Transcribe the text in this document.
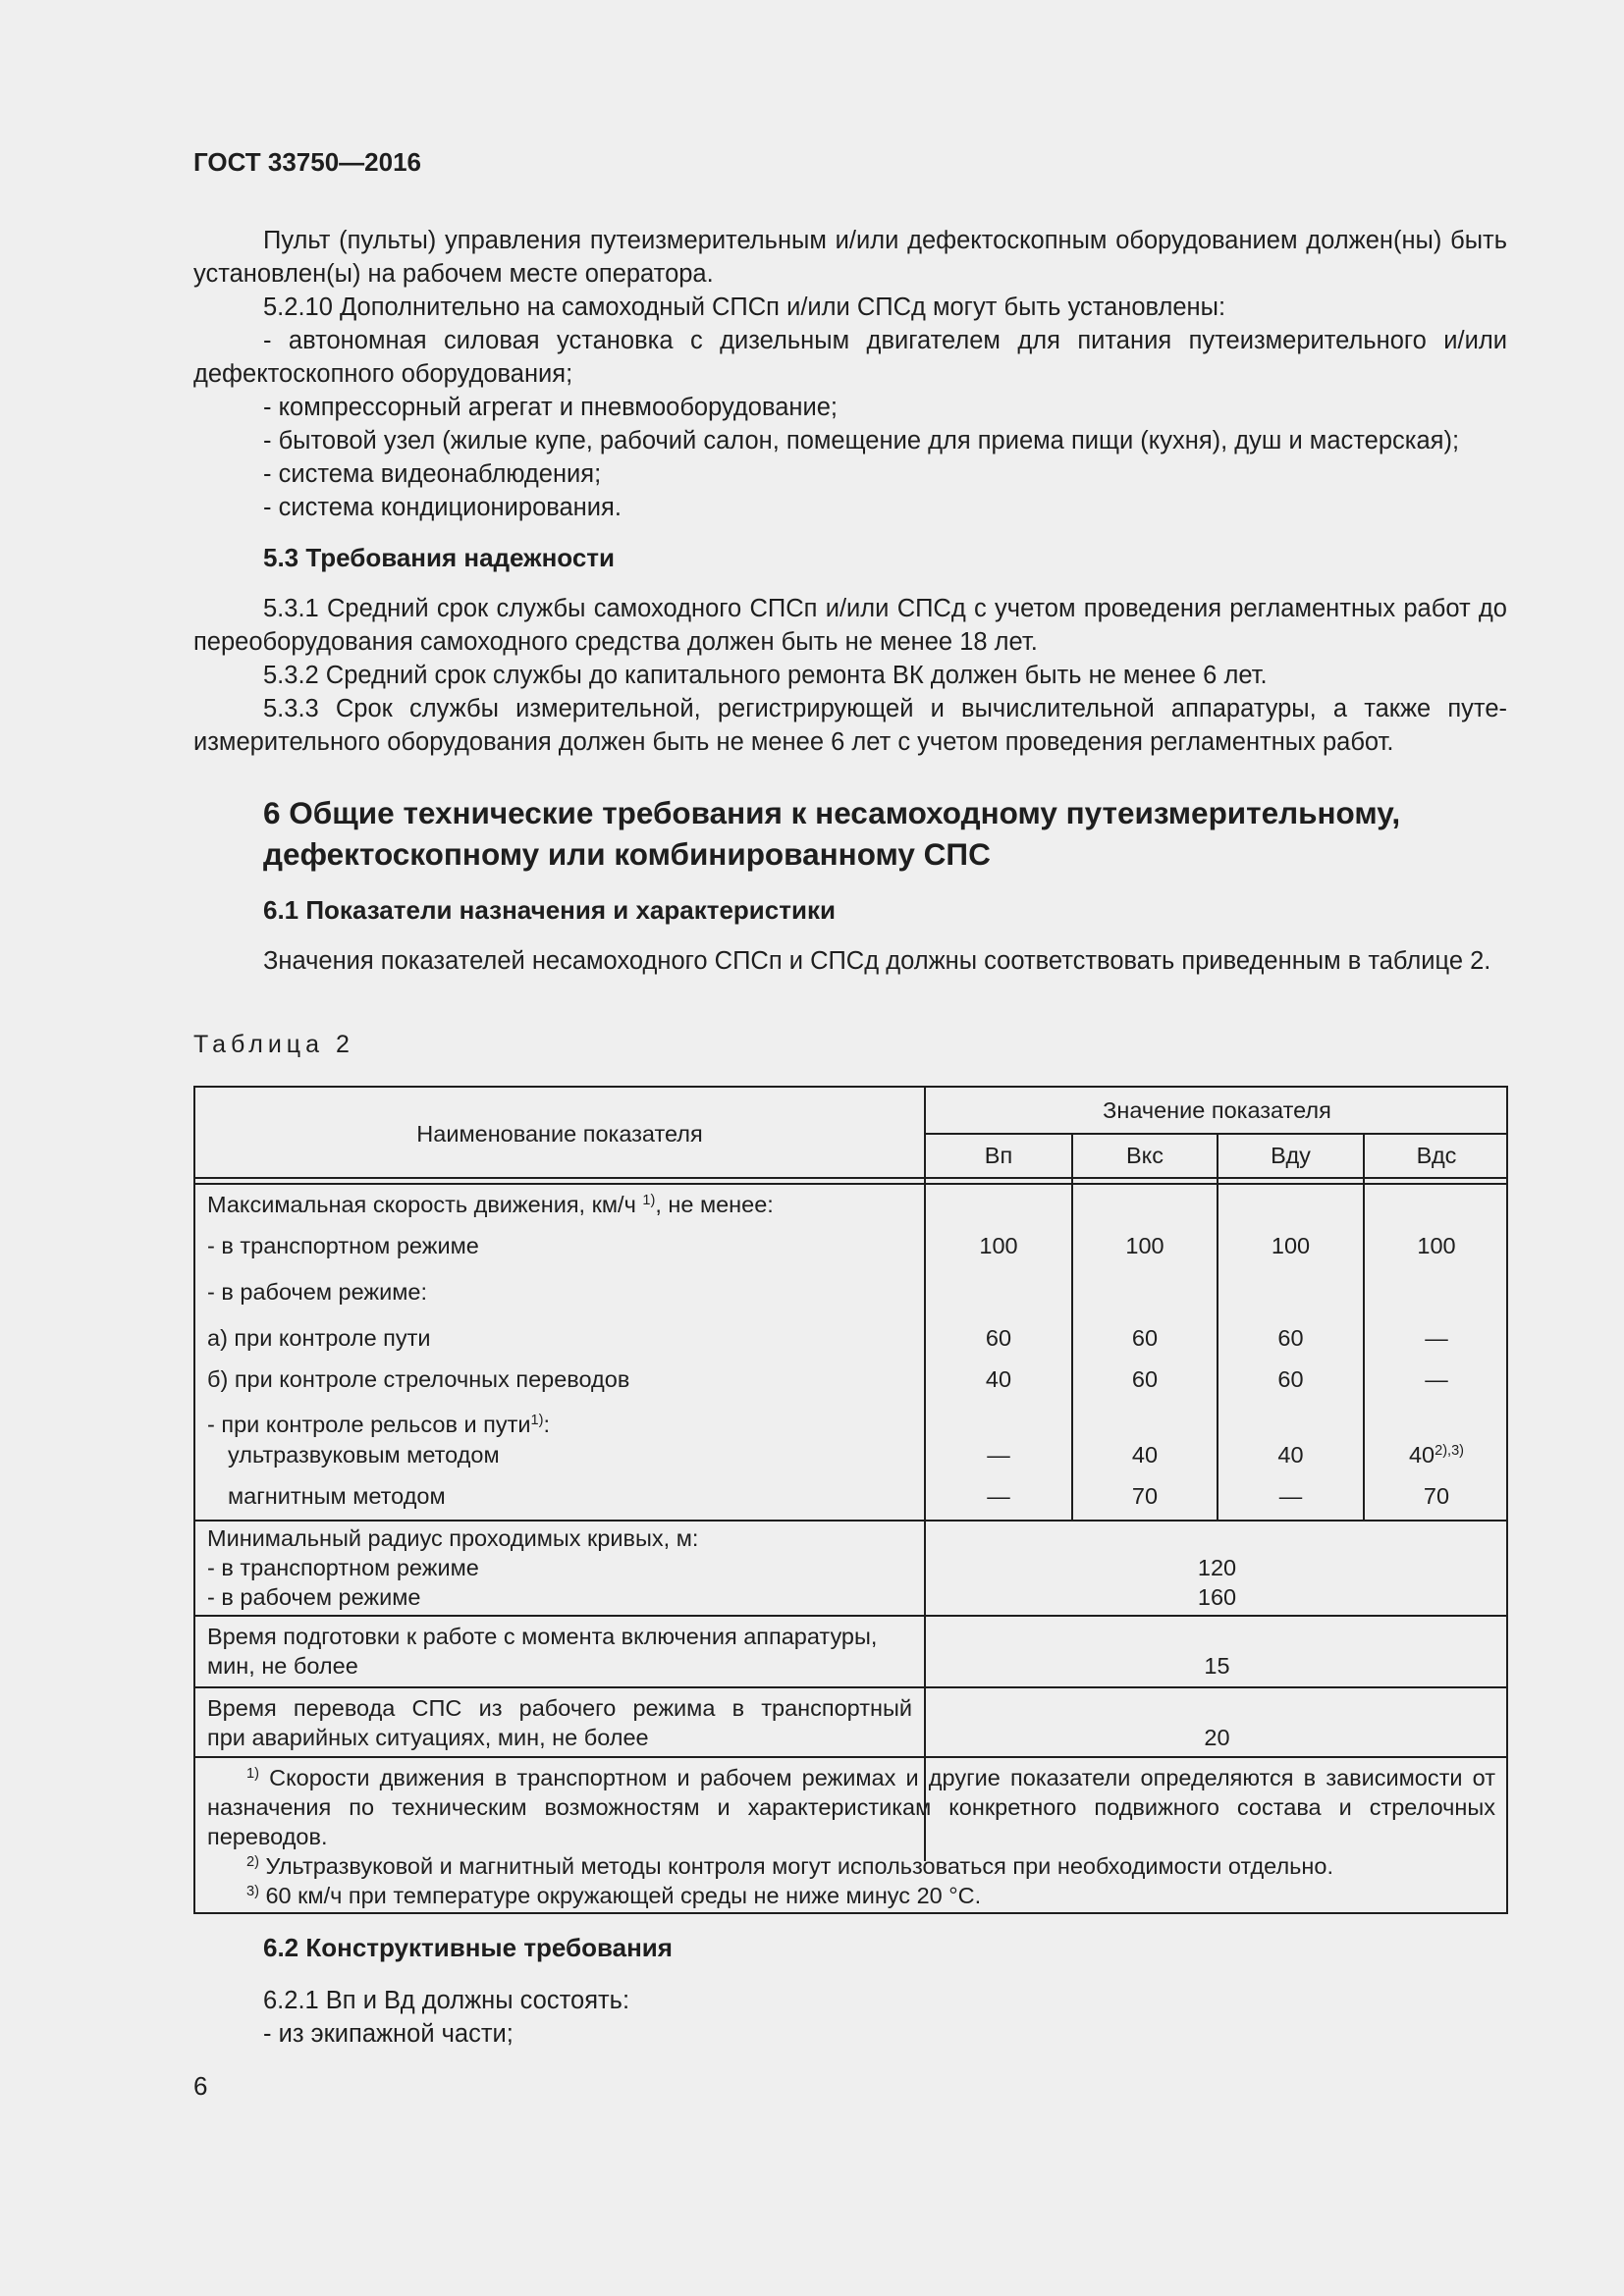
ГОСТ 33750—2016

Пульт (пульты) управления путеизмерительным и/или дефектоскопным оборудованием должен(ны) быть установлен(ы) на рабочем месте оператора.

5.2.10 Дополнительно на самоходный СПСп и/или СПСд могут быть установлены:

- автономная силовая установка с дизельным двигателем для питания путеизмерительного и/или дефектоскопного оборудования;

- компрессорный агрегат и пневмооборудование;

- бытовой узел (жилые купе, рабочий салон, помещение для приема пищи (кухня), душ и мастерская);

- система видеонаблюдения;

- система кондиционирования.

5.3 Требования надежности

5.3.1 Средний срок службы самоходного СПСп и/или СПСд с учетом проведения регламентных работ до переоборудования самоходного средства должен быть не менее 18 лет.

5.3.2 Средний срок службы до капитального ремонта ВК должен быть не менее 6 лет.

5.3.3 Срок службы измерительной, регистрирующей и вычислительной аппаратуры, а также путе-измерительного оборудования должен быть не менее 6 лет с учетом проведения регламентных работ.

6 Общие технические требования к несамоходному путеизмерительному, дефектоскопному или комбинированному СПС
6.1 Показатели назначения и характеристики

Значения показателей несамоходного СПСп и СПСд должны соответствовать приведенным в таблице 2.

Таблица 2
Наименование показателя
Значение показателя
Вп	Вкс	Вду	Вдс
Максимальная скорость движения, км/ч $^{1)}$, не менее:
- в транспортном режиме	100	100	100	100
- в рабочем режиме:
а) при контроле пути	60	60	60	—
б) при контроле стрелочных переводов	40	60	60	—
- при контроле рельсов и пути$^{1)}$:
ультразвуковым методом	—	40	40	$40^{2),3)}$
магнитным методом	—	70	—	70
Минимальный радиус проходимых кривых, м:
- в транспортном режиме	120
- в рабочем режиме	160
Время подготовки к работе с момента включения аппаратуры,
мин, не более	15
Время перевода СПС из рабочего режима в транспортный
при аварийных ситуациях, мин, не более	20
$^{1)}$ Скорости движения в транспортном и рабочем режимах и другие показатели определяются в зависимости от назначения по техническим возможностям и характеристикам конкретного подвижного состава и стрелочных переводов.
$^{2)}$ Ультразвуковой и магнитный методы контроля могут использоваться при необходимости отдельно.
$^{3)}$ 60 км/ч при температуре окружающей среды не ниже минус 20 °С.
6.2 Конструктивные требования

6.2.1 Вп и Вд должны состоять:

- из экипажной части;

6
